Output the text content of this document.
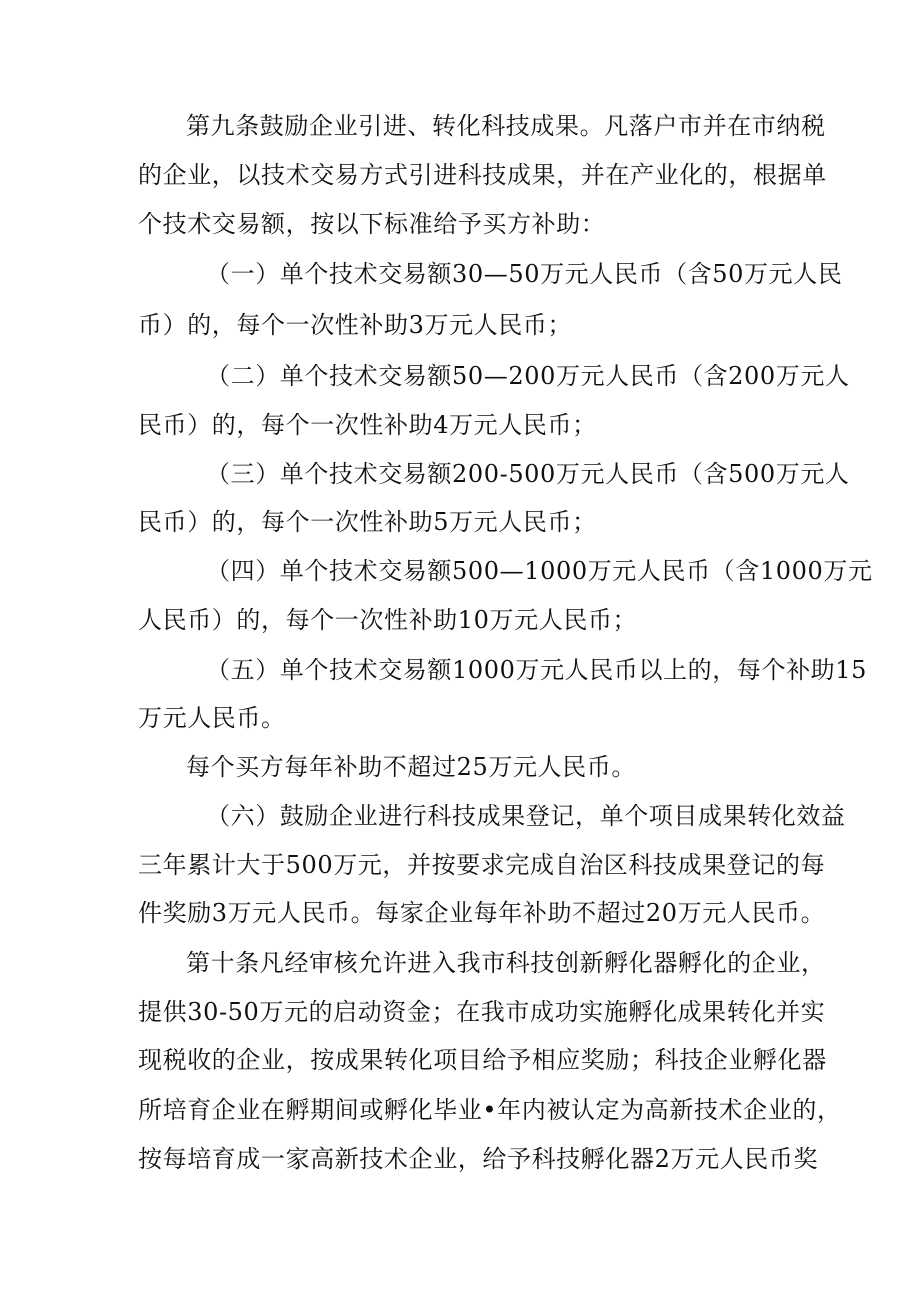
第九条鼓励企业引进、转化科技成果。凡落户市并在市纳税
的企业，以技术交易方式引进科技成果，并在产业化的，根据单
个技术交易额，按以下标准给予买方补助：
（一）单个技术交易额30—50万元人民币（含50万元人民
币）的，每个一次性补助3万元人民币；
（二）单个技术交易额50—200万元人民币（含200万元人
民币）的，每个一次性补助4万元人民币；
（三）单个技术交易额200-500万元人民币（含500万元人
民币）的，每个一次性补助5万元人民币；
（四）单个技术交易额500—1000万元人民币（含1000万元
人民币）的，每个一次性补助10万元人民币；
（五）单个技术交易额1000万元人民币以上的，每个补助15
万元人民币。
每个买方每年补助不超过25万元人民币。
（六）鼓励企业进行科技成果登记，单个项目成果转化效益
三年累计大于500万元，并按要求完成自治区科技成果登记的每
件奖励3万元人民币。每家企业每年补助不超过20万元人民币。
第十条凡经审核允许进入我市科技创新孵化器孵化的企业，
提供30-50万元的启动资金；在我市成功实施孵化成果转化并实
现税收的企业，按成果转化项目给予相应奖励；科技企业孵化器
所培育企业在孵期间或孵化毕业•年内被认定为高新技术企业的，
按每培育成一家高新技术企业，给予科技孵化器2万元人民币奖
